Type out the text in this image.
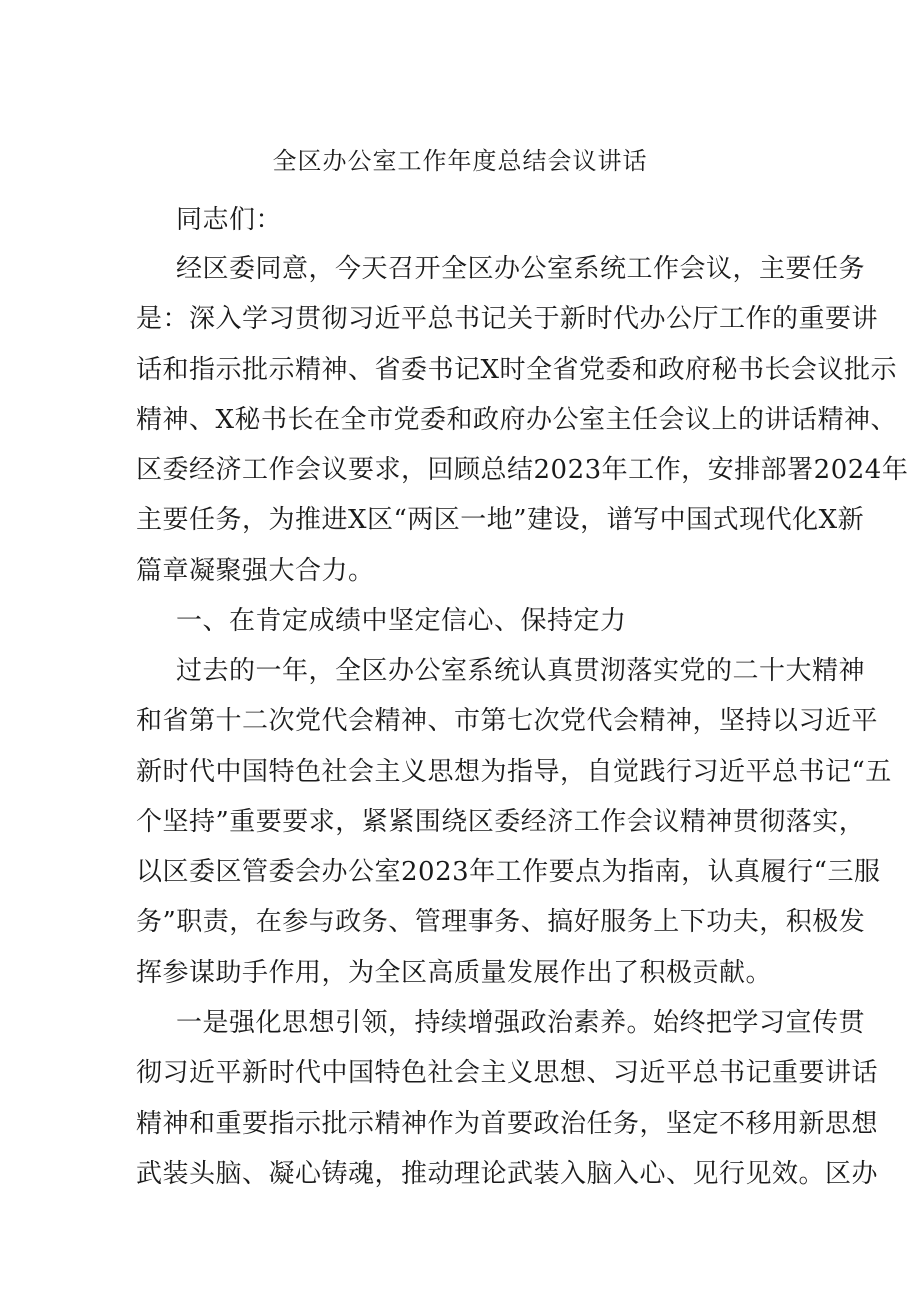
全区办公室工作年度总结会议讲话
同志们：
经区委同意，今天召开全区办公室系统工作会议，主要任务
是：深入学习贯彻习近平总书记关于新时代办公厅工作的重要讲
话和指示批示精神、省委书记X时全省党委和政府秘书长会议批示
精神、X秘书长在全市党委和政府办公室主任会议上的讲话精神、
区委经济工作会议要求，回顾总结2023年工作，安排部署2024年
主要任务，为推进X区“两区一地”建设，谱写中国式现代化X新
篇章凝聚强大合力。
一、在肯定成绩中坚定信心、保持定力
过去的一年，全区办公室系统认真贯沏落实党的二十大精神
和省第十二次党代会精神、市第七次党代会精神，坚持以习近平
新时代中国特色社会主义思想为指导，自觉践行习近平总书记“五
个坚持”重要要求，紧紧围绕区委经济工作会议精神贯彻落实，
以区委区管委会办公室2023年工作要点为指南，认真履行“三服
务”职责，在参与政务、管理事务、搞好服务上下功夫，积极发
挥参谋助手作用，为全区高质量发展作出了积极贡献。
一是强化思想引领，持续增强政治素养。始终把学习宣传贯
彻习近平新时代中国特色社会主义思想、习近平总书记重要讲话
精神和重要指示批示精神作为首要政治任务，坚定不移用新思想
武装头脑、凝心铸魂，推动理论武装入脑入心、见行见效。区办
